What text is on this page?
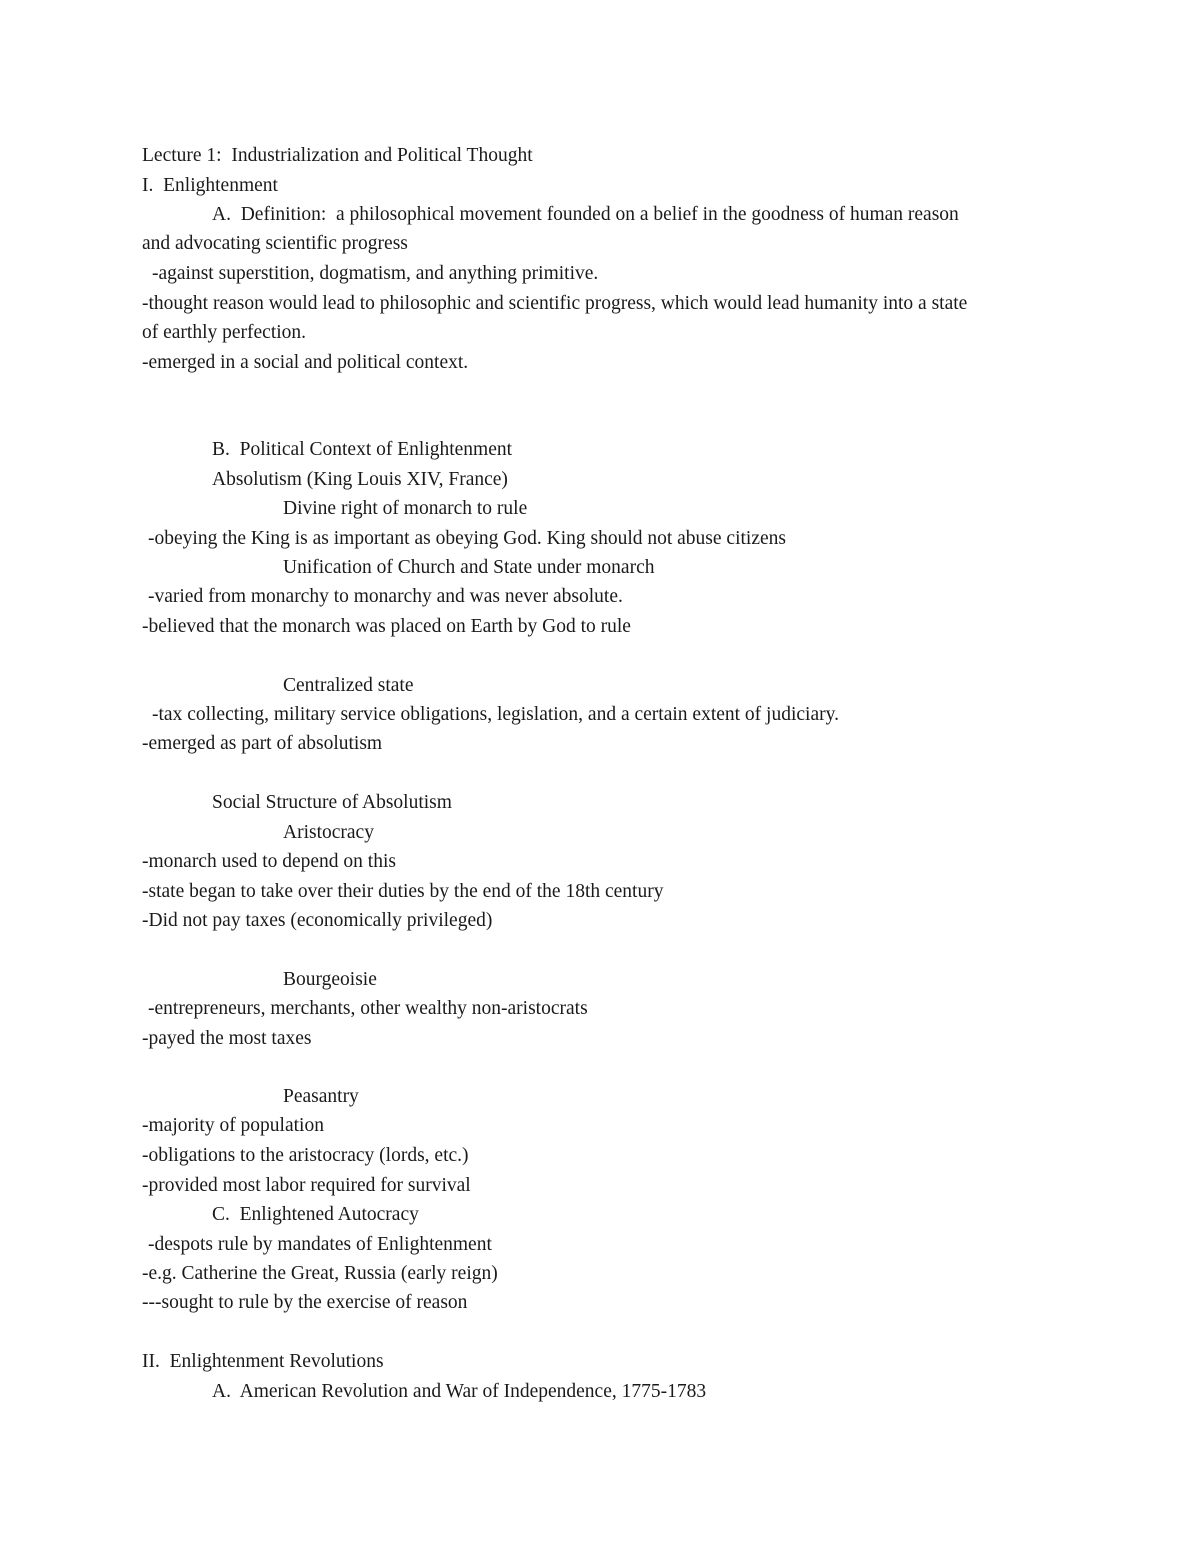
Lecture 1:  Industrialization and Political Thought
I.  Enlightenment
A.  Definition:  a philosophical movement founded on a belief in the goodness of human reason
and advocating scientific progress
-against superstition, dogmatism, and anything primitive.
-thought reason would lead to philosophic and scientific progress, which would lead humanity into a state
of earthly perfection.
-emerged in a social and political context.
B.  Political Context of Enlightenment
Absolutism (King Louis XIV, France)
Divine right of monarch to rule
-obeying the King is as important as obeying God. King should not abuse citizens
Unification of Church and State under monarch
-varied from monarchy to monarchy and was never absolute.
-believed that the monarch was placed on Earth by God to rule
Centralized state
-tax collecting, military service obligations, legislation, and a certain extent of judiciary.
-emerged as part of absolutism
Social Structure of Absolutism
Aristocracy
-monarch used to depend on this
-state began to take over their duties by the end of the 18th century
-Did not pay taxes (economically privileged)
Bourgeoisie
-entrepreneurs, merchants, other wealthy non-aristocrats
-payed the most taxes
Peasantry
-majority of population
-obligations to the aristocracy (lords, etc.)
-provided most labor required for survival
C.  Enlightened Autocracy
-despots rule by mandates of Enlightenment
-e.g. Catherine the Great, Russia (early reign)
---sought to rule by the exercise of reason
II.  Enlightenment Revolutions
A.  American Revolution and War of Independence, 1775-1783
